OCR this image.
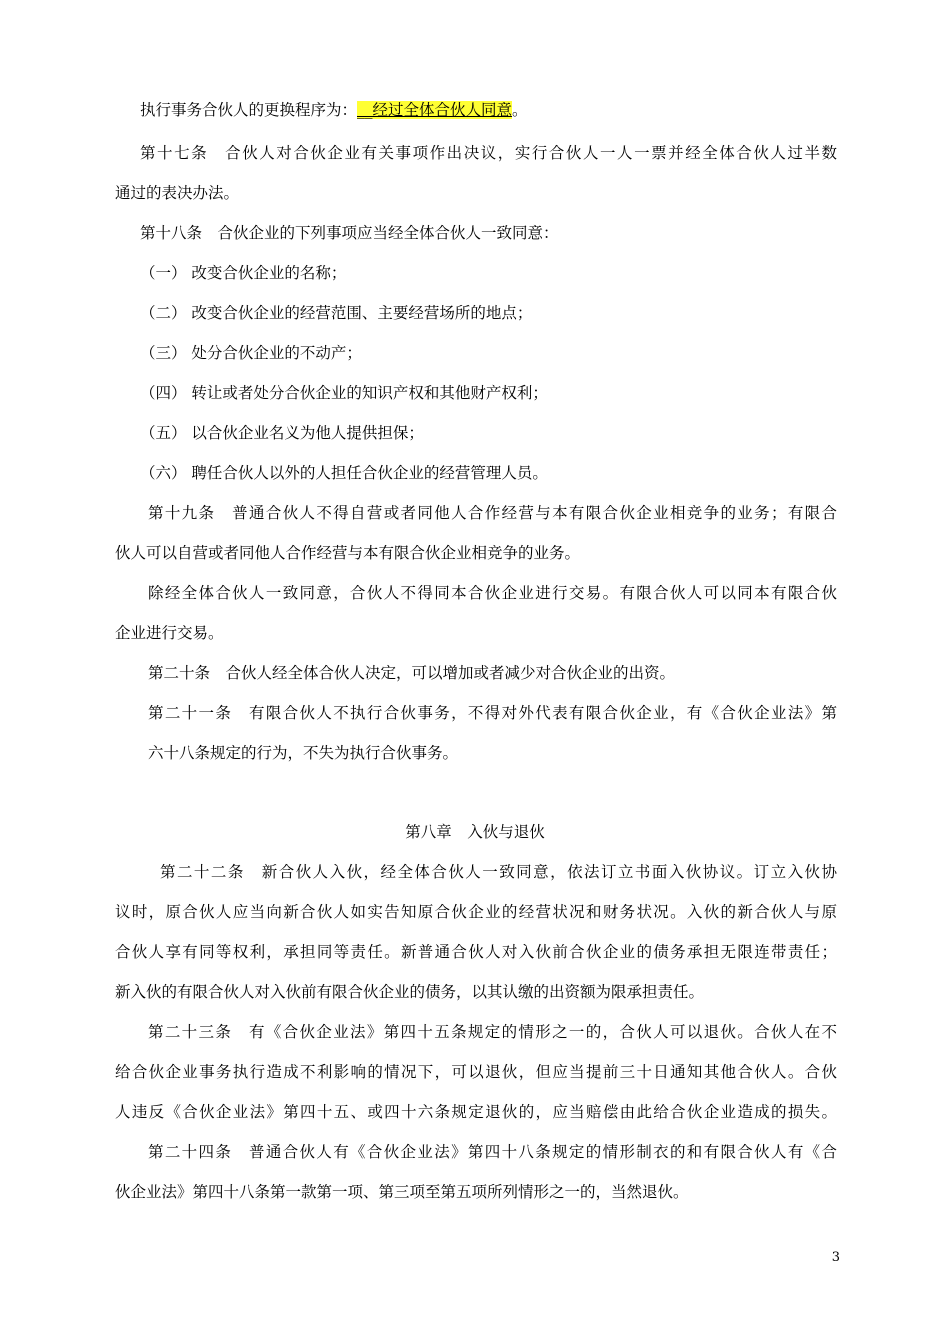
执行事务合伙人的更换程序为：__经过全体合伙人同意。
第十七条　合伙人对合伙企业有关事项作出决议，实行合伙人一人一票并经全体合伙人过半数
通过的表决办法。
第十八条　合伙企业的下列事项应当经全体合伙人一致同意：
（一） 改变合伙企业的名称；
（二） 改变合伙企业的经营范围、主要经营场所的地点；
（三） 处分合伙企业的不动产；
（四） 转让或者处分合伙企业的知识产权和其他财产权利；
（五） 以合伙企业名义为他人提供担保；
（六） 聘任合伙人以外的人担任合伙企业的经营管理人员。
第十九条　普通合伙人不得自营或者同他人合作经营与本有限合伙企业相竞争的业务；有限合
伙人可以自营或者同他人合作经营与本有限合伙企业相竞争的业务。
除经全体合伙人一致同意，合伙人不得同本合伙企业进行交易。有限合伙人可以同本有限合伙
企业进行交易。
第二十条　合伙人经全体合伙人决定，可以增加或者减少对合伙企业的出资。
第二十一条　有限合伙人不执行合伙事务，不得对外代表有限合伙企业，有《合伙企业法》第
六十八条规定的行为，不失为执行合伙事务。
第八章　入伙与退伙
第二十二条　新合伙人入伙，经全体合伙人一致同意，依法订立书面入伙协议。订立入伙协
议时，原合伙人应当向新合伙人如实告知原合伙企业的经营状况和财务状况。入伙的新合伙人与原
合伙人享有同等权利，承担同等责任。新普通合伙人对入伙前合伙企业的债务承担无限连带责任；
新入伙的有限合伙人对入伙前有限合伙企业的债务，以其认缴的出资额为限承担责任。
第二十三条　有《合伙企业法》第四十五条规定的情形之一的，合伙人可以退伙。合伙人在不
给合伙企业事务执行造成不利影响的情况下，可以退伙，但应当提前三十日通知其他合伙人。合伙
人违反《合伙企业法》第四十五、或四十六条规定退伙的，应当赔偿由此给合伙企业造成的损失。
第二十四条　普通合伙人有《合伙企业法》第四十八条规定的情形制衣的和有限合伙人有《合
伙企业法》第四十八条第一款第一项、第三项至第五项所列情形之一的，当然退伙。
3
